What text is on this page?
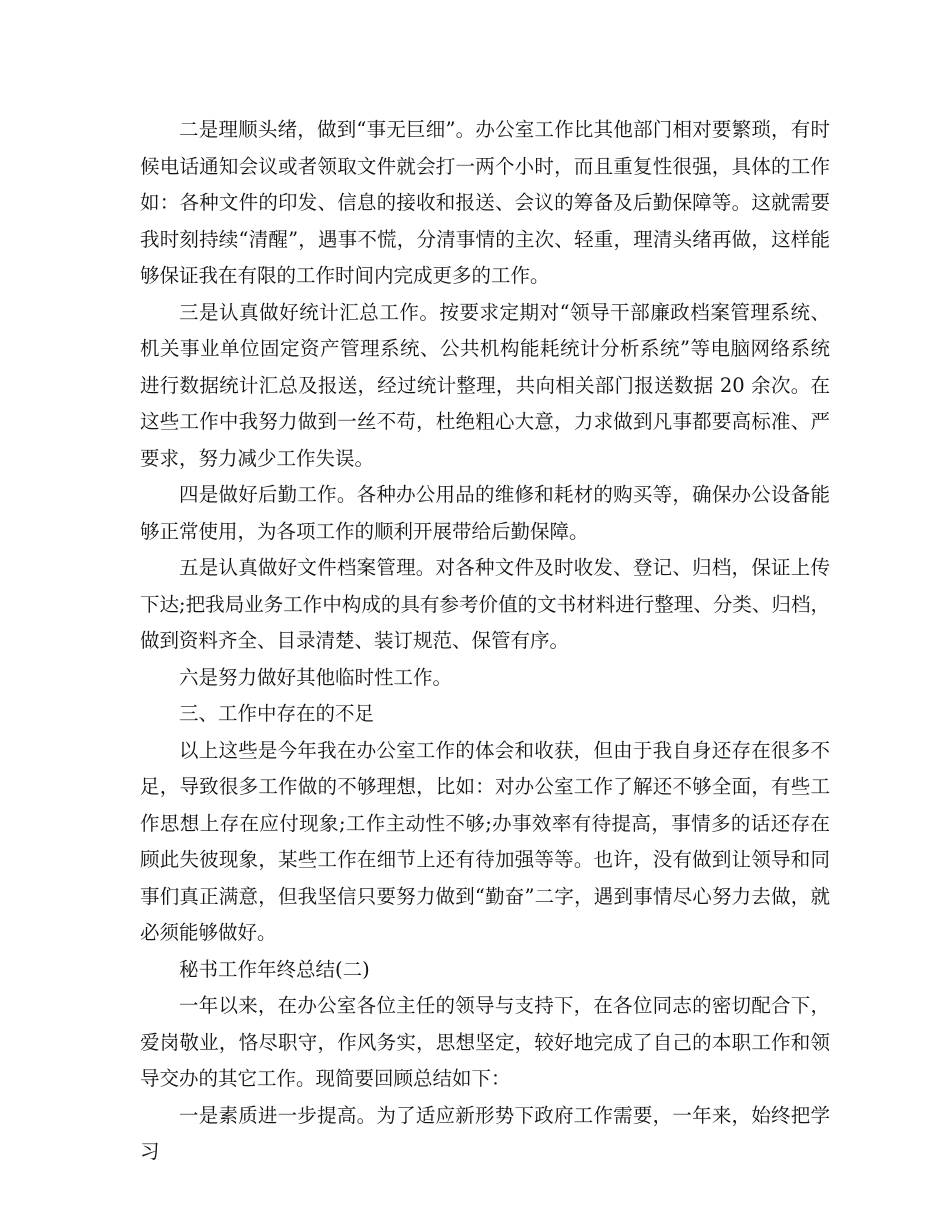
二是理顺头绪，做到“事无巨细”。办公室工作比其他部门相对要繁琐，有时候电话通知会议或者领取文件就会打一两个小时，而且重复性很强，具体的工作如：各种文件的印发、信息的接收和报送、会议的筹备及后勤保障等。这就需要我时刻持续“清醒”，遇事不慌，分清事情的主次、轻重，理清头绪再做，这样能够保证我在有限的工作时间内完成更多的工作。

三是认真做好统计汇总工作。按要求定期对“领导干部廉政档案管理系统、机关事业单位固定资产管理系统、公共机构能耗统计分析系统”等电脑网络系统进行数据统计汇总及报送，经过统计整理，共向相关部门报送数据 20 余次。在这些工作中我努力做到一丝不苟，杜绝粗心大意，力求做到凡事都要高标准、严要求，努力减少工作失误。

四是做好后勤工作。各种办公用品的维修和耗材的购买等，确保办公设备能够正常使用，为各项工作的顺利开展带给后勤保障。

五是认真做好文件档案管理。对各种文件及时收发、登记、归档，保证上传下达;把我局业务工作中构成的具有参考价值的文书材料进行整理、分类、归档，做到资料齐全、目录清楚、装订规范、保管有序。

六是努力做好其他临时性工作。

三、工作中存在的不足

以上这些是今年我在办公室工作的体会和收获，但由于我自身还存在很多不足，导致很多工作做的不够理想，比如：对办公室工作了解还不够全面，有些工作思想上存在应付现象;工作主动性不够;办事效率有待提高，事情多的话还存在顾此失彼现象，某些工作在细节上还有待加强等等。也许，没有做到让领导和同事们真正满意，但我坚信只要努力做到“勤奋”二字，遇到事情尽心努力去做，就必须能够做好。

秘书工作年终总结(二)

一年以来，在办公室各位主任的领导与支持下，在各位同志的密切配合下，爱岗敬业，恪尽职守，作风务实，思想坚定，较好地完成了自己的本职工作和领导交办的其它工作。现简要回顾总结如下：

一是素质进一步提高。为了适应新形势下政府工作需要，一年来，始终把学习
